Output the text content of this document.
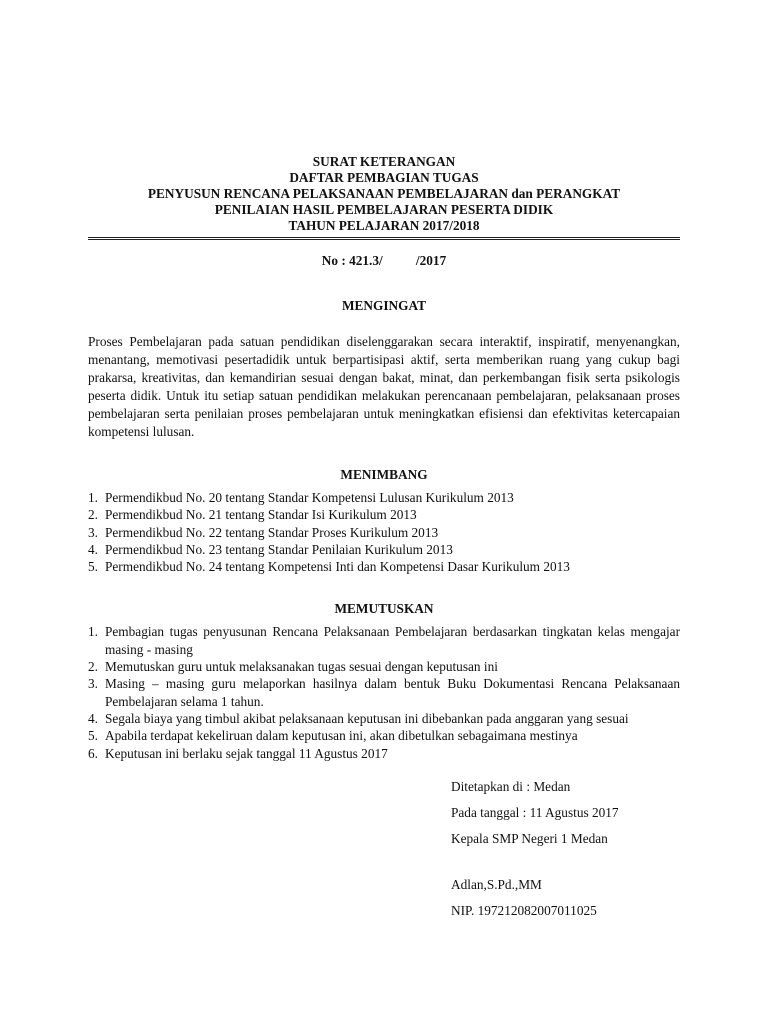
SURAT KETERANGAN
DAFTAR PEMBAGIAN TUGAS
PENYUSUN RENCANA PELAKSANAAN PEMBELAJARAN dan PERANGKAT
PENILAIAN HASIL PEMBELAJARAN PESERTA DIDIK
TAHUN PELAJARAN 2017/2018
No : 421.3/          /2017
MENGINGAT
Proses Pembelajaran pada satuan pendidikan diselenggarakan secara interaktif, inspiratif, menyenangkan, menantang, memotivasi pesertadidik untuk berpartisipasi aktif, serta memberikan ruang yang cukup bagi prakarsa, kreativitas, dan kemandirian sesuai dengan bakat, minat, dan perkembangan fisik serta psikologis peserta didik. Untuk itu setiap satuan pendidikan melakukan perencanaan pembelajaran, pelaksanaan proses pembelajaran serta penilaian proses pembelajaran untuk meningkatkan efisiensi dan efektivitas ketercapaian kompetensi lulusan.
MENIMBANG
1. Permendikbud No. 20 tentang Standar Kompetensi Lulusan Kurikulum 2013
2. Permendikbud No. 21 tentang Standar Isi Kurikulum 2013
3. Permendikbud No. 22 tentang Standar Proses Kurikulum 2013
4. Permendikbud No. 23 tentang Standar Penilaian Kurikulum 2013
5. Permendikbud No. 24 tentang Kompetensi Inti dan Kompetensi Dasar Kurikulum 2013
MEMUTUSKAN
1. Pembagian tugas penyusunan Rencana Pelaksanaan Pembelajaran berdasarkan tingkatan kelas mengajar masing - masing
2. Memutuskan guru untuk melaksanakan tugas sesuai dengan keputusan ini
3. Masing – masing guru melaporkan hasilnya dalam bentuk Buku Dokumentasi Rencana Pelaksanaan Pembelajaran selama 1 tahun.
4. Segala biaya yang timbul akibat pelaksanaan keputusan ini dibebankan pada anggaran yang sesuai
5. Apabila terdapat kekeliruan dalam keputusan ini, akan dibetulkan sebagaimana mestinya
6. Keputusan ini berlaku sejak tanggal 11 Agustus 2017
Ditetapkan di : Medan
Pada tanggal : 11 Agustus 2017
Kepala SMP Negeri 1 Medan
Adlan,S.Pd.,MM
NIP. 197212082007011025
